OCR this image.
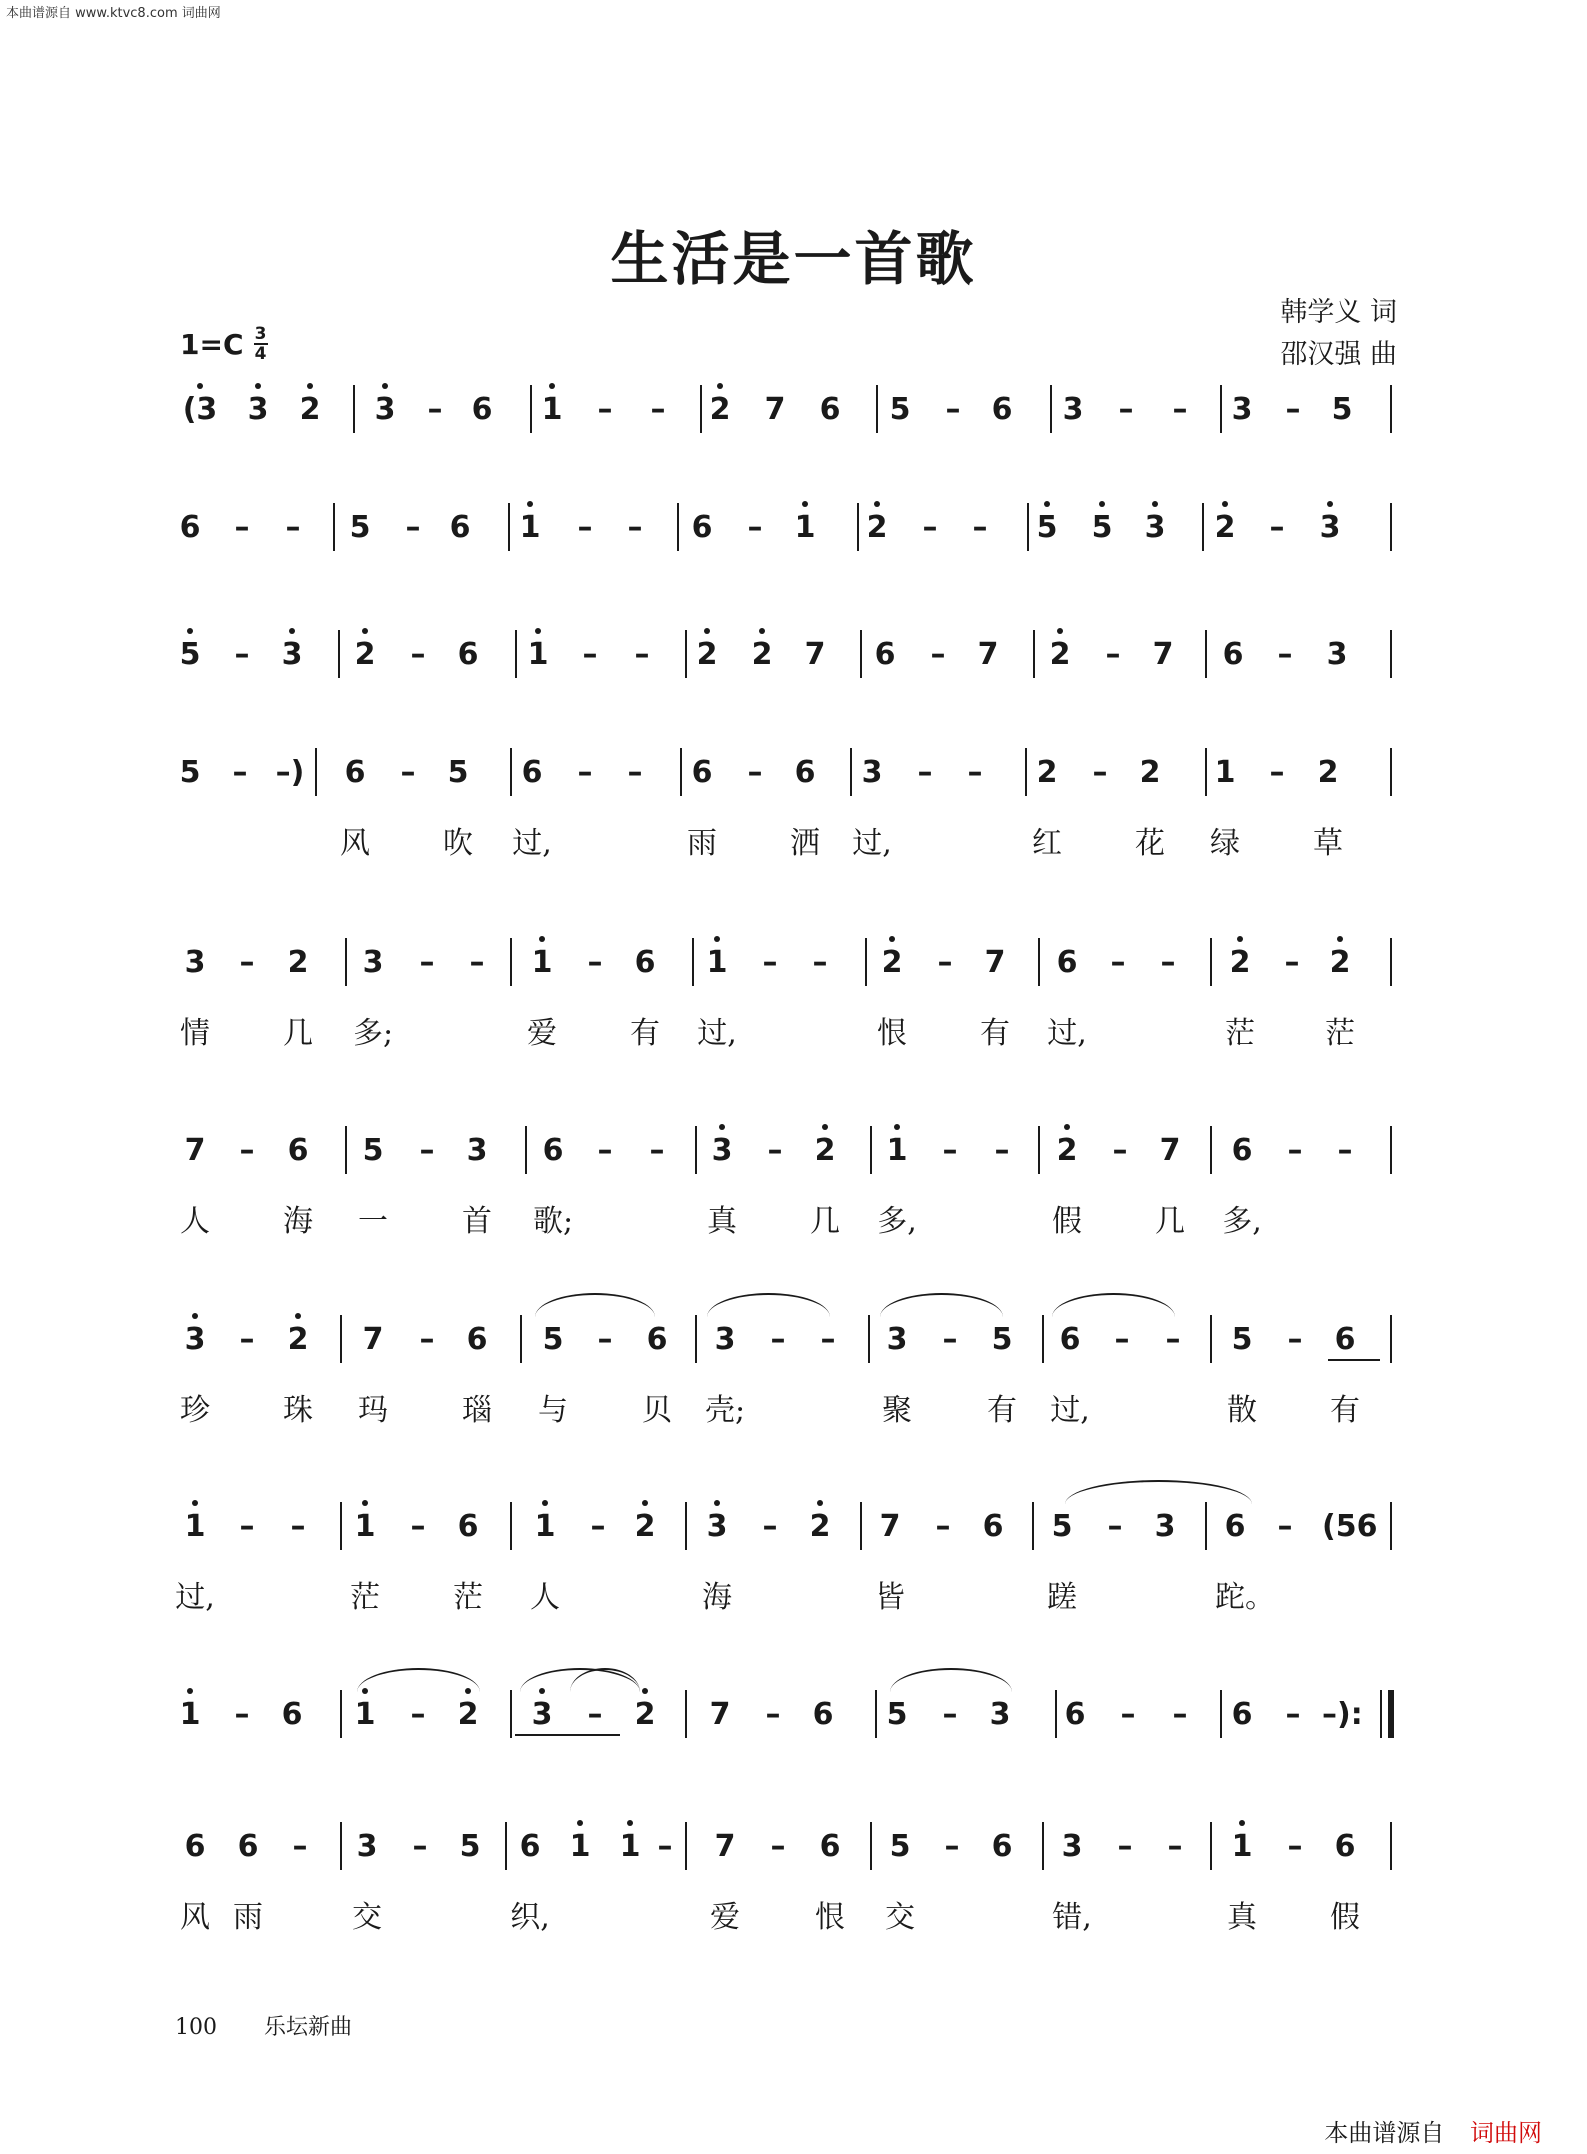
本曲谱源自 www.ktvc8.com 词曲网
生活是一首歌
韩学义 词
邵汉强 曲
1=C 3
4
(3 3 2 3	– 6 1	–	–	2 7 6 5	–	6 3	–	–	3	–	5
6	–	–	5	– 6 1	–	–	6	–	1 2	–	–	5 5 3 2	–	3
5	–	3 2	–	6 1	–	–	2 2 7 6	–	7 2	–	7 6	–	3
5	– –) 6	–	5 6	–	–	6	–	6 3	–	–	2	–	2 1	–	2
风 吹 过,	雨 洒 过,	红 花 绿 草
3	–	2 3	–	–	1	–	6 1	–	–	2	–	7 6	–	–	2	–	2
情 几 多;	爱 有 过,	恨 有 过,	茫 茫
7	–	6 5	–	3 6	–	–	3	–	2 1	–	–	2	–	7 6	–	–
人 海 一 首 歌;	真 几 多,	假 几 多,
3	–	2 7	–	6 5	–	6 3	–	–	3	–	5 6	–	–	5	–	6
珍 珠 玛 瑙 与 贝 壳;	聚	有 过,	散 有
1	–	–	1	–	6 1	– 2 3	–	2 7	–	6 5	–	3 6	– (56
过,	茫 茫 人	海	皆	蹉	跎。
1	–	6 1	–	2 3	–	2 7	–	6 5	–	3 6	–	–	6	– –):
6 6	–	3	–	5 6 1 1 –	7	–	6 5	–	6 3	–	–	1	–	6
风 雨	交	织,	爱	恨 交	错,	真 假
100 乐坛新曲
本曲谱源自 词曲网
